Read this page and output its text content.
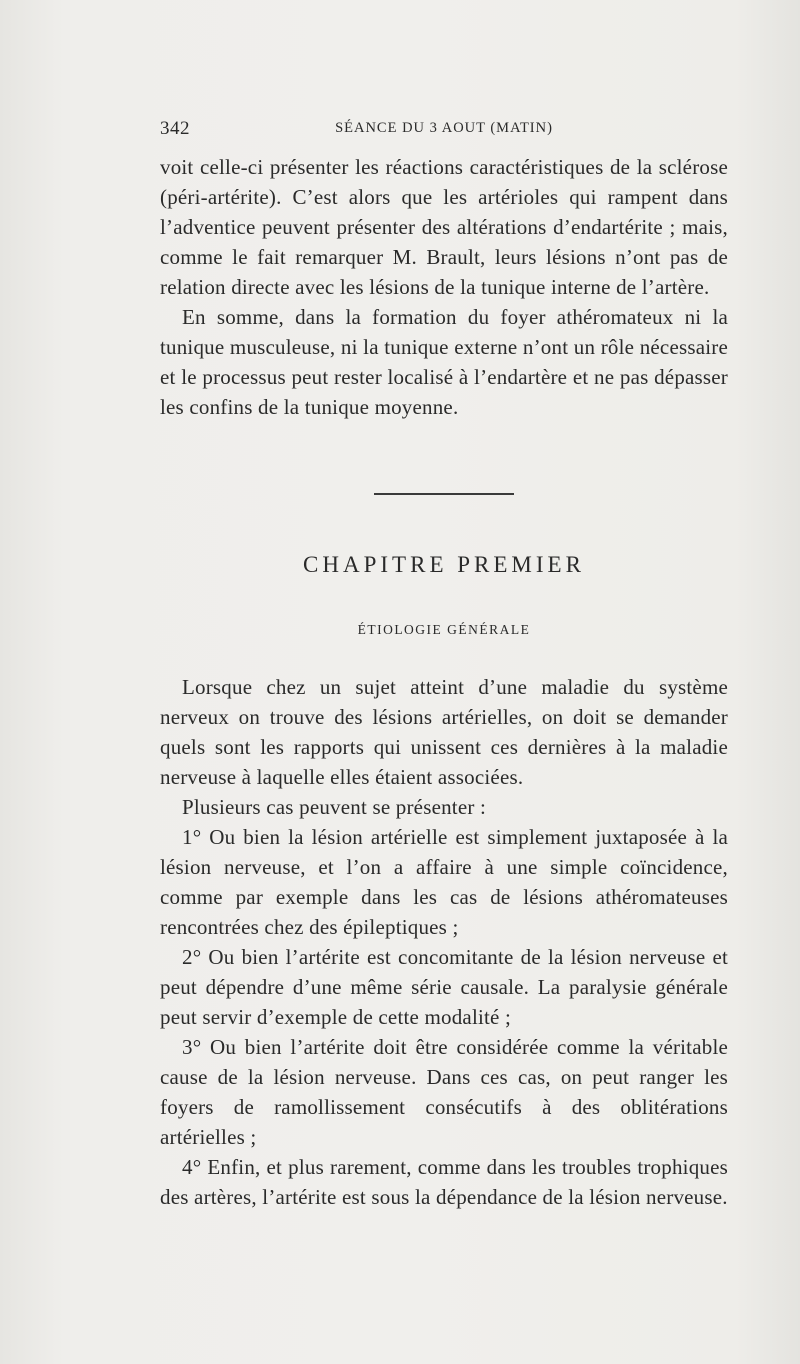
342	SÉANCE DU 3 AOUT (MATIN)

voit celle-ci présenter les réactions caractéristiques de la sclérose (péri-artérite). C’est alors que les artérioles qui rampent dans l’adventice peuvent présenter des altérations d’endartérite ; mais, comme le fait remarquer M. Brault, leurs lésions n’ont pas de relation directe avec les lésions de la tunique interne de l’artère.

En somme, dans la formation du foyer athéromateux ni la tunique musculeuse, ni la tunique externe n’ont un rôle nécessaire et le processus peut rester localisé à l’endartère et ne pas dépasser les confins de la tunique moyenne.

CHAPITRE PREMIER
ÉTIOLOGIE GÉNÉRALE

Lorsque chez un sujet atteint d’une maladie du système nerveux on trouve des lésions artérielles, on doit se demander quels sont les rapports qui unissent ces dernières à la maladie nerveuse à laquelle elles étaient associées.

Plusieurs cas peuvent se présenter :

1° Ou bien la lésion artérielle est simplement juxtaposée à la lésion nerveuse, et l’on a affaire à une simple coïncidence, comme par exemple dans les cas de lésions athéromateuses rencontrées chez des épileptiques ;

2° Ou bien l’artérite est concomitante de la lésion nerveuse et peut dépendre d’une même série causale. La paralysie générale peut servir d’exemple de cette modalité ;

3° Ou bien l’artérite doit être considérée comme la véritable cause de la lésion nerveuse. Dans ces cas, on peut ranger les foyers de ramollissement consécutifs à des oblitérations artérielles ;

4° Enfin, et plus rarement, comme dans les troubles trophiques des artères, l’artérite est sous la dépendance de la lésion nerveuse.
